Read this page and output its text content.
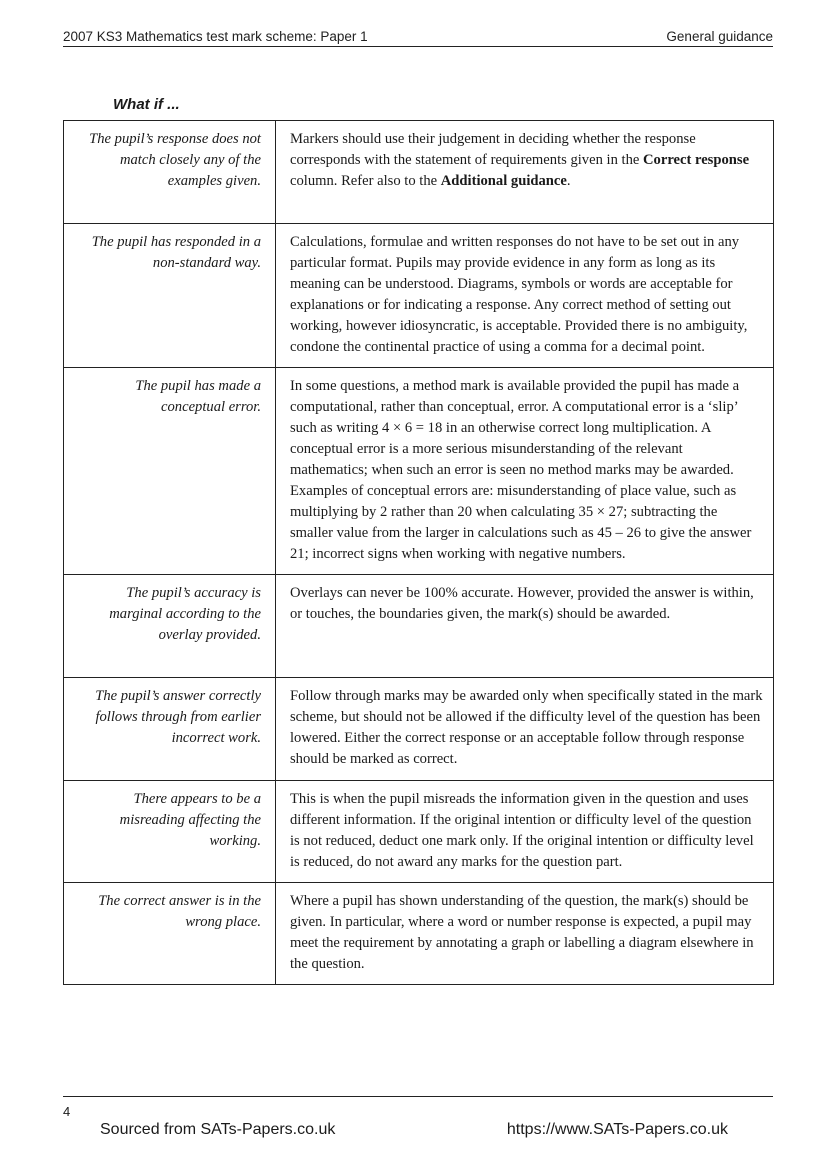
2007 KS3 Mathematics test mark scheme: Paper 1	General guidance
What if ...
The pupil’s response does not match closely any of the examples given.	Markers should use their judgement in deciding whether the response corresponds with the statement of requirements given in the Correct response column. Refer also to the Additional guidance.
The pupil has responded in a non-standard way.	Calculations, formulae and written responses do not have to be set out in any particular format. Pupils may provide evidence in any form as long as its meaning can be understood. Diagrams, symbols or words are acceptable for explanations or for indicating a response. Any correct method of setting out working, however idiosyncratic, is acceptable. Provided there is no ambiguity, condone the continental practice of using a comma for a decimal point.
The pupil has made a conceptual error.	In some questions, a method mark is available provided the pupil has made a computational, rather than conceptual, error. A computational error is a ‘slip’ such as writing 4 × 6 = 18 in an otherwise correct long multiplication. A conceptual error is a more serious misunderstanding of the relevant mathematics; when such an error is seen no method marks may be awarded. Examples of conceptual errors are: misunderstanding of place value, such as multiplying by 2 rather than 20 when calculating 35 × 27; subtracting the smaller value from the larger in calculations such as 45 – 26 to give the answer 21; incorrect signs when working with negative numbers.
The pupil’s accuracy is marginal according to the overlay provided.	Overlays can never be 100% accurate. However, provided the answer is within, or touches, the boundaries given, the mark(s) should be awarded.
The pupil’s answer correctly follows through from earlier incorrect work.	Follow through marks may be awarded only when specifically stated in the mark scheme, but should not be allowed if the difficulty level of the question has been lowered. Either the correct response or an acceptable follow through response should be marked as correct.
There appears to be a misreading affecting the working.	This is when the pupil misreads the information given in the question and uses different information. If the original intention or difficulty level of the question is not reduced, deduct one mark only. If the original intention or difficulty level is reduced, do not award any marks for the question part.
The correct answer is in the wrong place.	Where a pupil has shown understanding of the question, the mark(s) should be given. In particular, where a word or number response is expected, a pupil may meet the requirement by annotating a graph or labelling a diagram elsewhere in the question.
4
Sourced from SATs-Papers.co.uk	https://www.SATs-Papers.co.uk
